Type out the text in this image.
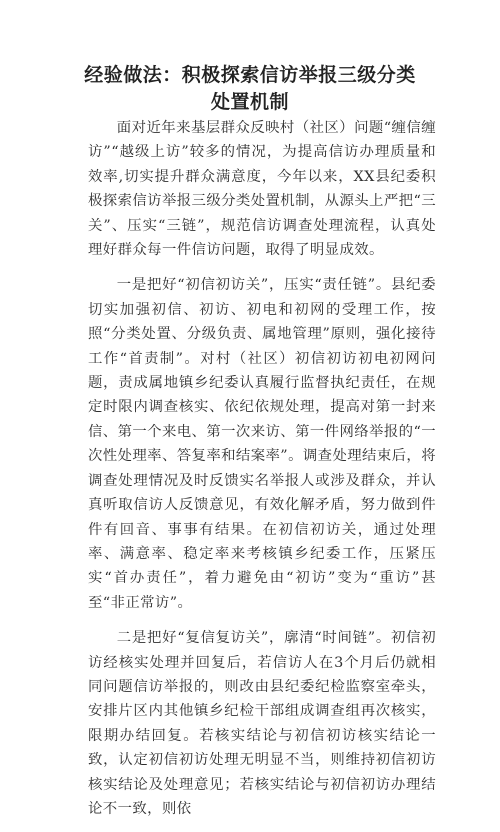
经验做法：积极探索信访举报三级分类处置机制

面对近年来基层群众反映村（社区）问题“缠信缠访”“越级上访”较多的情况，为提高信访办理质量和效率,切实提升群众满意度，今年以来，XX县纪委积极探索信访举报三级分类处置机制，从源头上严把“三关”、压实“三链”，规范信访调查处理流程，认真处理好群众每一件信访问题，取得了明显成效。

一是把好“初信初访关”，压实“责任链”。县纪委切实加强初信、初访、初电和初网的受理工作，按照“分类处置、分级负责、属地管理”原则，强化接待工作“首责制”。对村（社区）初信初访初电初网问题，责成属地镇乡纪委认真履行监督执纪责任，在规定时限内调查核实、依纪依规处理，提高对第一封来信、第一个来电、第一次来访、第一件网络举报的“一次性处理率、答复率和结案率”。调查处理结束后，将调查处理情况及时反馈实名举报人或涉及群众，并认真听取信访人反馈意见，有效化解矛盾，努力做到件件有回音、事事有结果。在初信初访关，通过处理率、满意率、稳定率来考核镇乡纪委工作，压紧压实“首办责任”，着力避免由“初访”变为“重访”甚至“非正常访”。

二是把好“复信复访关”，廓清“时间链”。初信初访经核实处理并回复后，若信访人在3个月后仍就相同问题信访举报的，则改由县纪委纪检监察室牵头，安排片区内其他镇乡纪检干部组成调查组再次核实，限期办结回复。若核实结论与初信初访核实结论一致，认定初信初访处理无明显不当，则维持初信初访核实结论及处理意见；若核实结论与初信初访办理结论不一致，则依
